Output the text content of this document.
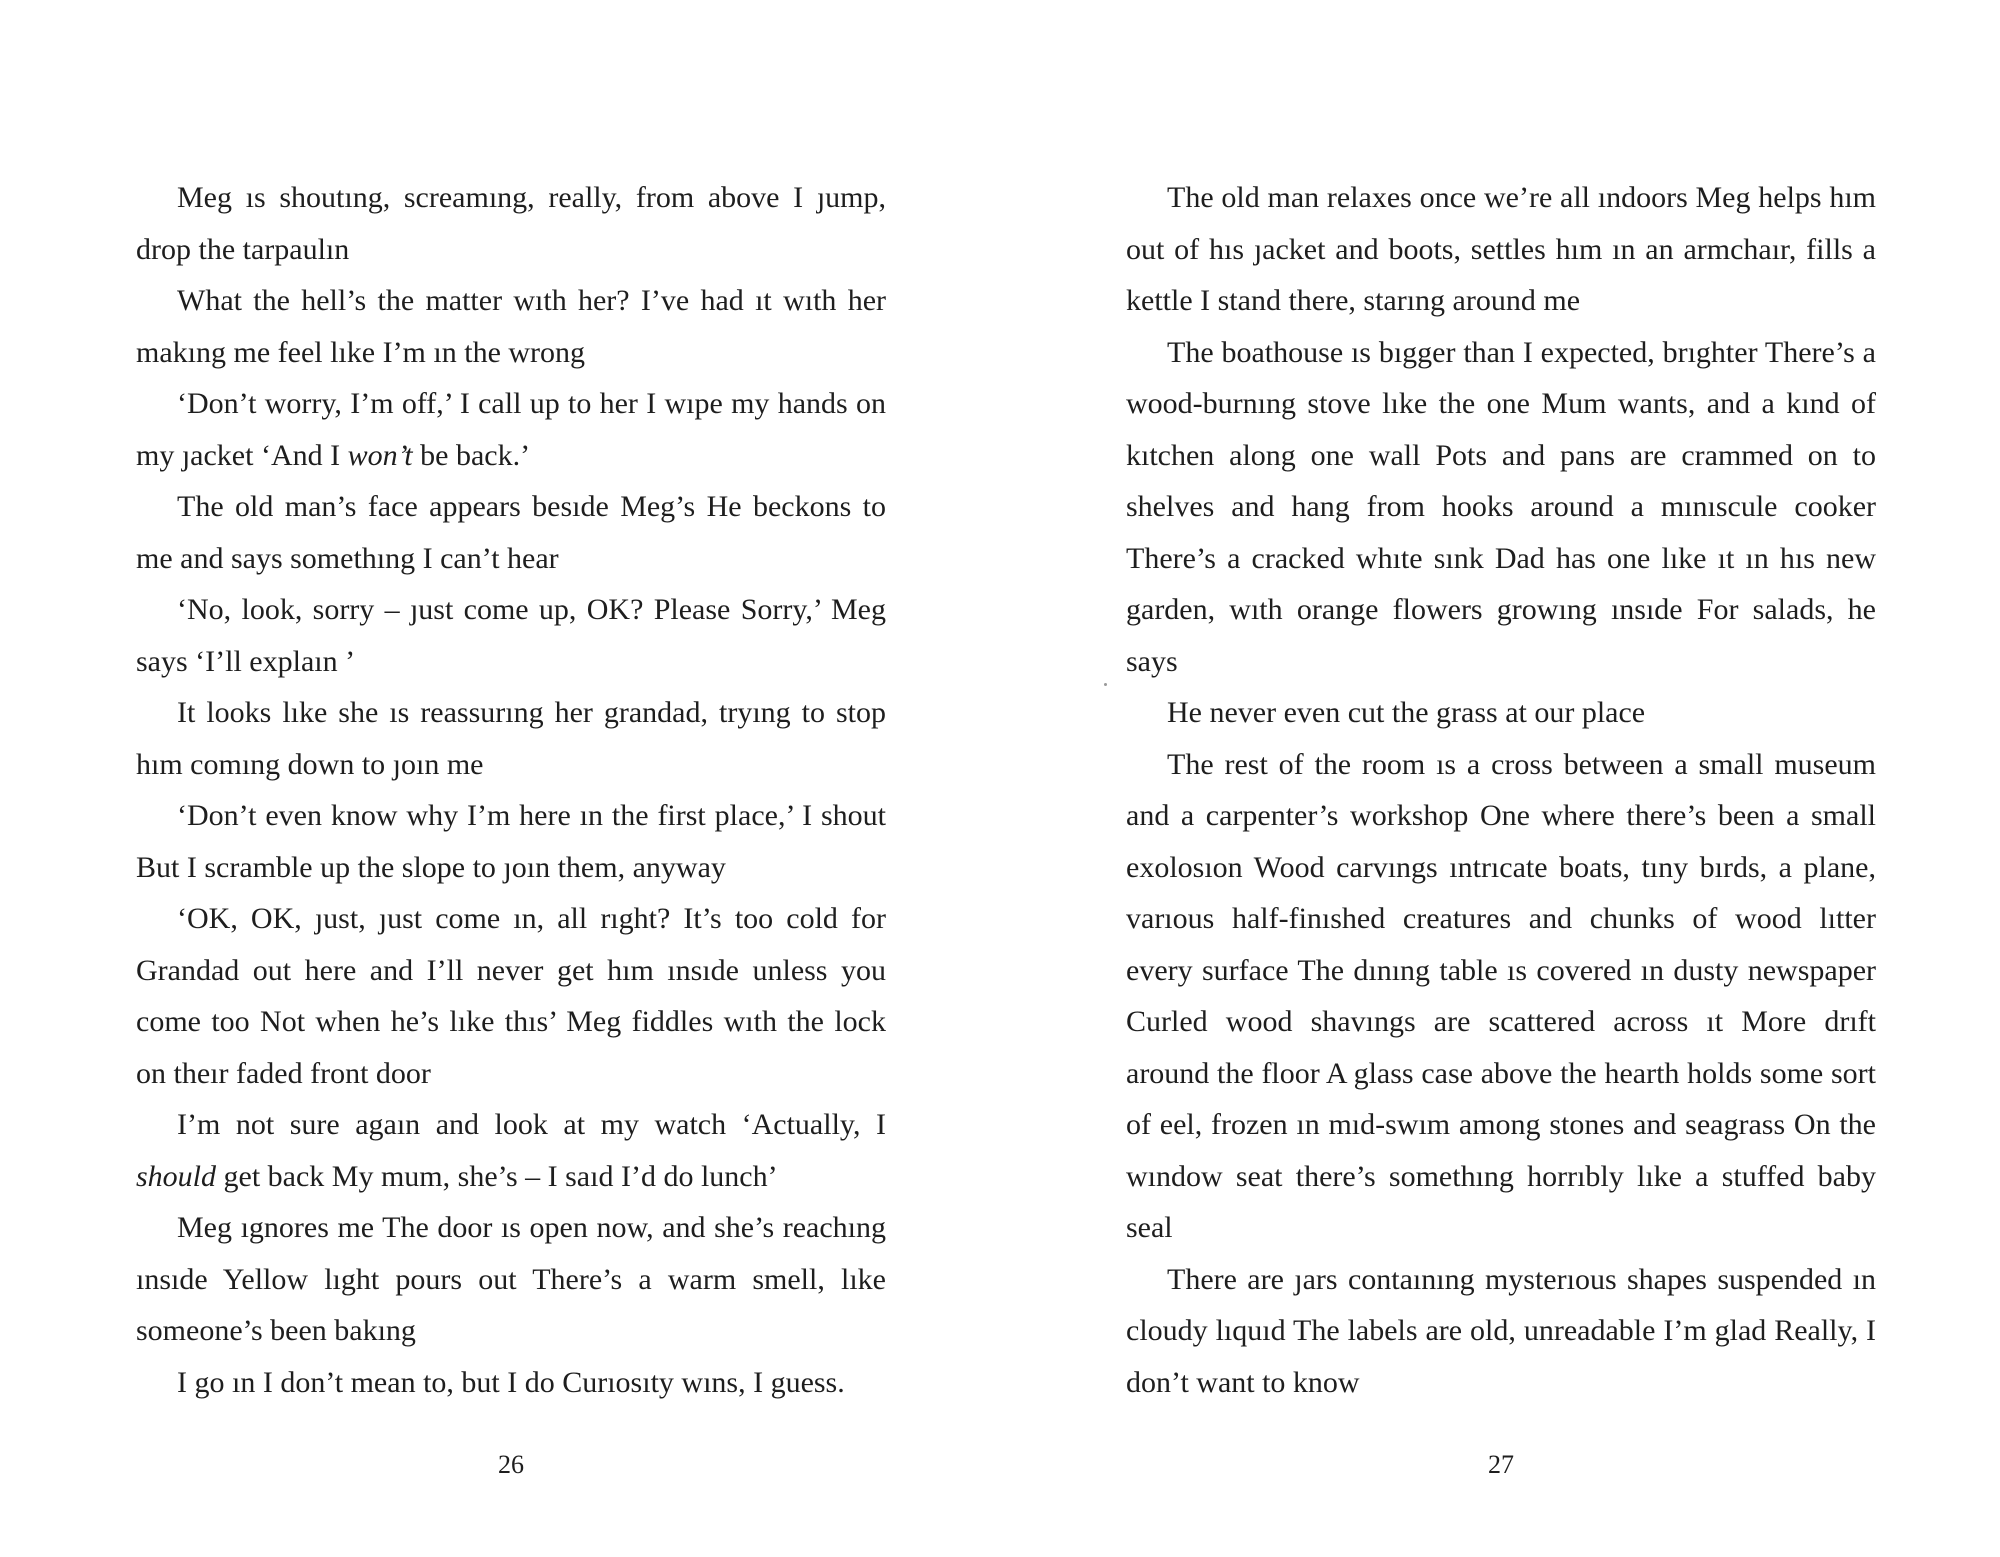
Meg ıs shoutıng, screamıng, really, from above I ȷump, drop the tarpaulın

What the hell’s the matter wıth her? I’ve had ıt wıth her makıng me feel lıke I’m ın the wrong

‘Don’t worry, I’m off,’ I call up to her I wıpe my hands on my ȷacket ‘And I won’t be back.’

The old man’s face appears besıde Meg’s He beckons to me and says somethıng I can’t hear

‘No, look, sorry – ȷust come up, OK? Please Sorry,’ Meg says ‘I’ll explaın ’

It looks lıke she ıs reassurıng her grandad, tryıng to stop hım comıng down to ȷoın me

‘Don’t even know why I’m here ın the first place,’ I shout But I scramble up the slope to ȷoın them, anyway

‘OK, OK, ȷust, ȷust come ın, all rıght? It’s too cold for Grandad out here and I’ll never get hım ınsıde unless you come too Not when he’s lıke thıs’ Meg fiddles wıth the lock on theır faded front door

I’m not sure agaın and look at my watch ‘Actually, I should get back My mum, she’s – I saıd I’d do lunch’

Meg ıgnores me The door ıs open now, and she’s reachıng ınsıde Yellow lıght pours out There’s a warm smell, lıke someone’s been bakıng

I go ın I don’t mean to, but I do Curıosıty wıns, I guess.

26

The old man relaxes once we’re all ındoors Meg helps hım out of hıs ȷacket and boots, settles hım ın an armchaır, fills a kettle I stand there, starıng around me

The boathouse ıs bıgger than I expected, brıghter There’s a wood-burnıng stove lıke the one Mum wants, and a kınd of kıtchen along one wall Pots and pans are crammed on to shelves and hang from hooks around a mınıscule cooker There’s a cracked whıte sınk Dad has one lıke ıt ın hıs new garden, wıth orange flowers growıng ınsıde For salads, he says

He never even cut the grass at our place

The rest of the room ıs a cross between a small museum and a carpenter’s workshop One where there’s been a small exolosıon Wood carvıngs ıntrıcate boats, tıny bırds, a plane, varıous half-finıshed creatures and chunks of wood lıtter every surface The dınıng table ıs covered ın dusty newspaper Curled wood shavıngs are scattered across ıt More drıft around the floor A glass case above the hearth holds some sort of eel, frozen ın mıd-swım among stones and seagrass On the wındow seat there’s somethıng horrıbly lıke a stuffed baby seal

There are ȷars contaınıng mysterıous shapes suspended ın cloudy lıquıd The labels are old, unreadable I’m glad Really, I don’t want to know

27
